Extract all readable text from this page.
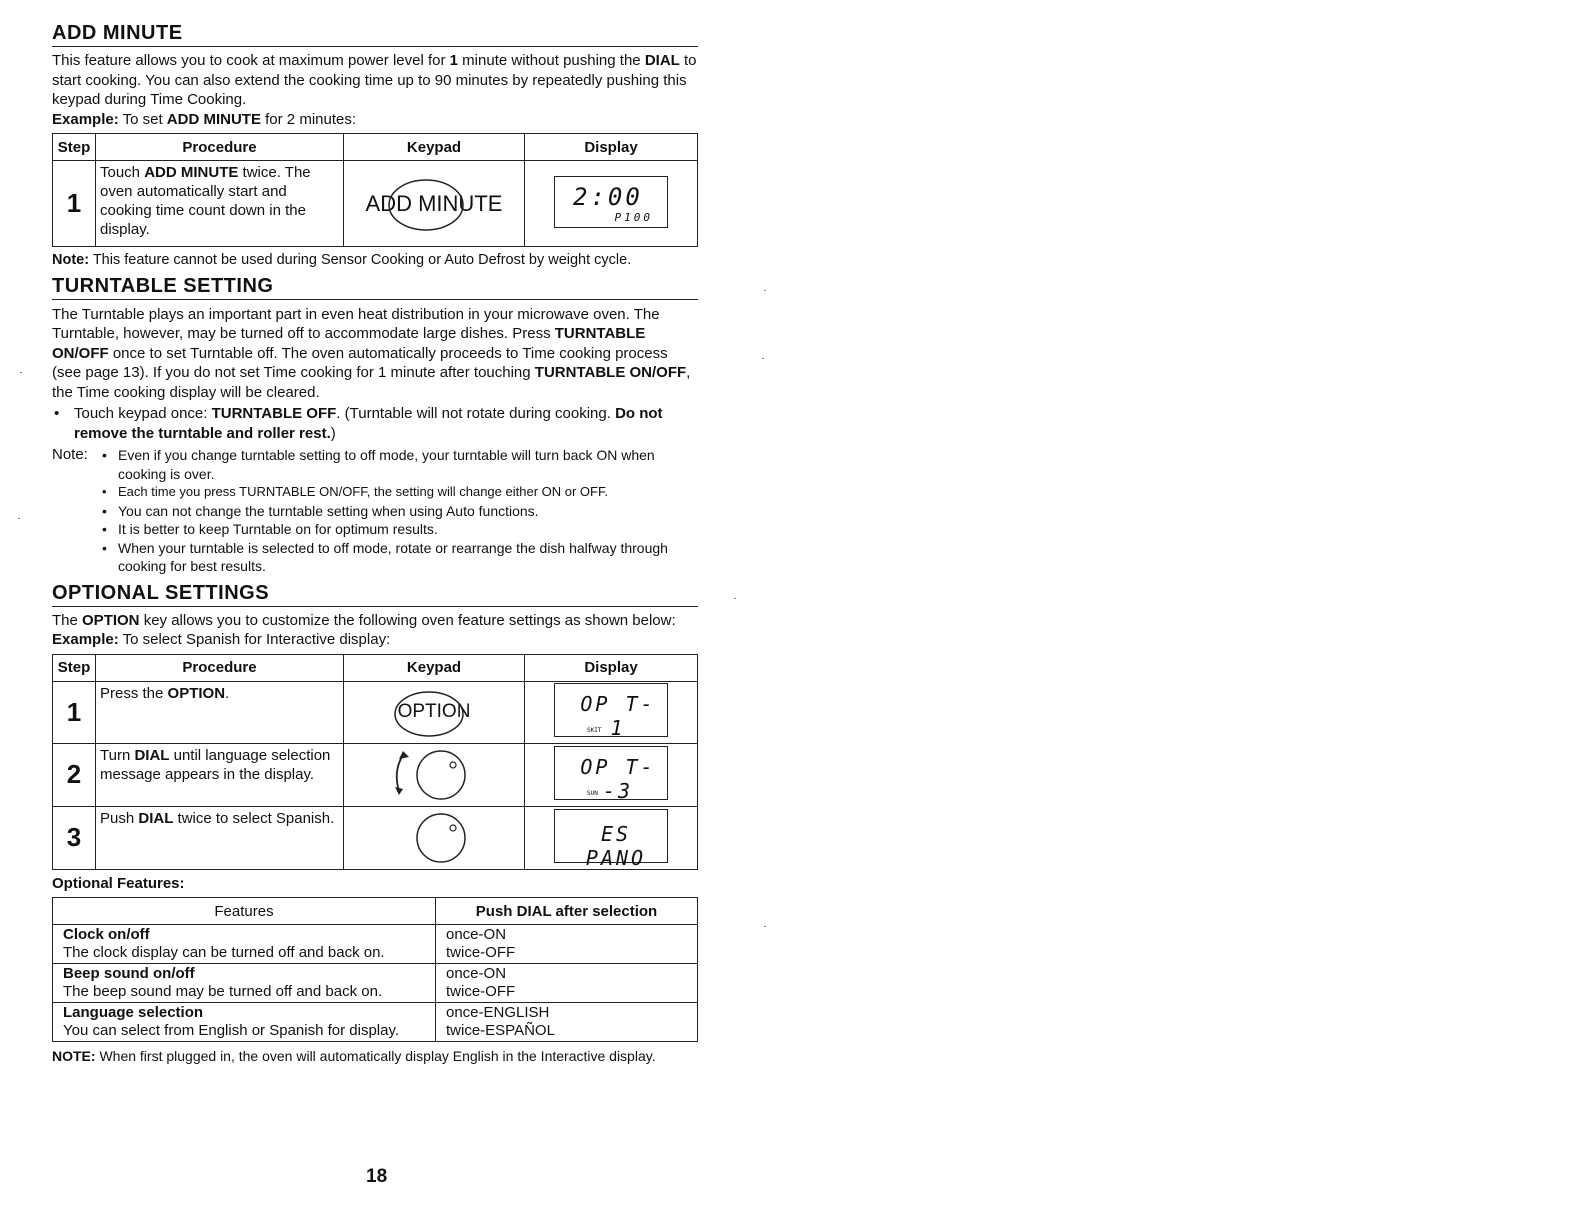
ADD MINUTE

This feature allows you to cook at maximum power level for 1 minute without pushing the DIAL to start cooking. You can also extend the cooking time up to 90 minutes by repeatedly pushing this keypad during Time Cooking.

Example: To set ADD MINUTE for 2 minutes:

Step	Procedure	Keypad	Display
1	Touch ADD MINUTE twice. The oven automatically start and cooking time count down in the display.	ADD MINUTE	2:00
P100

Note: This feature cannot be used during Sensor Cooking or Auto Defrost by weight cycle.

TURNTABLE SETTING

The Turntable plays an important part in even heat distribution in your microwave oven. The Turntable, however, may be turned off to accommodate large dishes. Press TURNTABLE ON/OFF once to set Turntable off. The oven automatically proceeds to Time cooking process (see page 13). If you do not set Time cooking for 1 minute after touching TURNTABLE ON/OFF, the Time cooking display will be cleared.

• Touch keypad once: TURNTABLE OFF. (Turntable will not rotate during cooking. Do not remove the turntable and roller rest.)
Note:	• Even if you change turntable setting to off mode, your turntable will turn back ON when cooking is over.
• Each time you press TURNTABLE ON/OFF, the setting will change either ON or OFF.
• You can not change the turntable setting when using Auto functions.
• It is better to keep Turntable on for optimum results.
• When your turntable is selected to off mode, rotate or rearrange the dish halfway through cooking for best results.
OPTIONAL SETTINGS

The OPTION key allows you to customize the following oven feature settings as shown below:

Example: To select Spanish for Interactive display:

Step	Procedure	Keypad	Display
1	Press the OPTION.	OPTION	OP T- 1
SKIT

2	Turn DIAL until language selection message appears in the display.		OP T--3
SUN

3	Push DIAL twice to select Spanish.		ES PANO

Optional Features:

Features	Push DIAL after selection
Clock on/off
The clock display can be turned off and back on.	once-ON
twice-OFF
Beep sound on/off
The beep sound may be turned off and back on.	once-ON
twice-OFF
Language selection
You can select from English or Spanish for display.	once-ENGLISH
twice-ESPAÑOL

NOTE: When first plugged in, the oven will automatically display English in the Interactive display.

18
